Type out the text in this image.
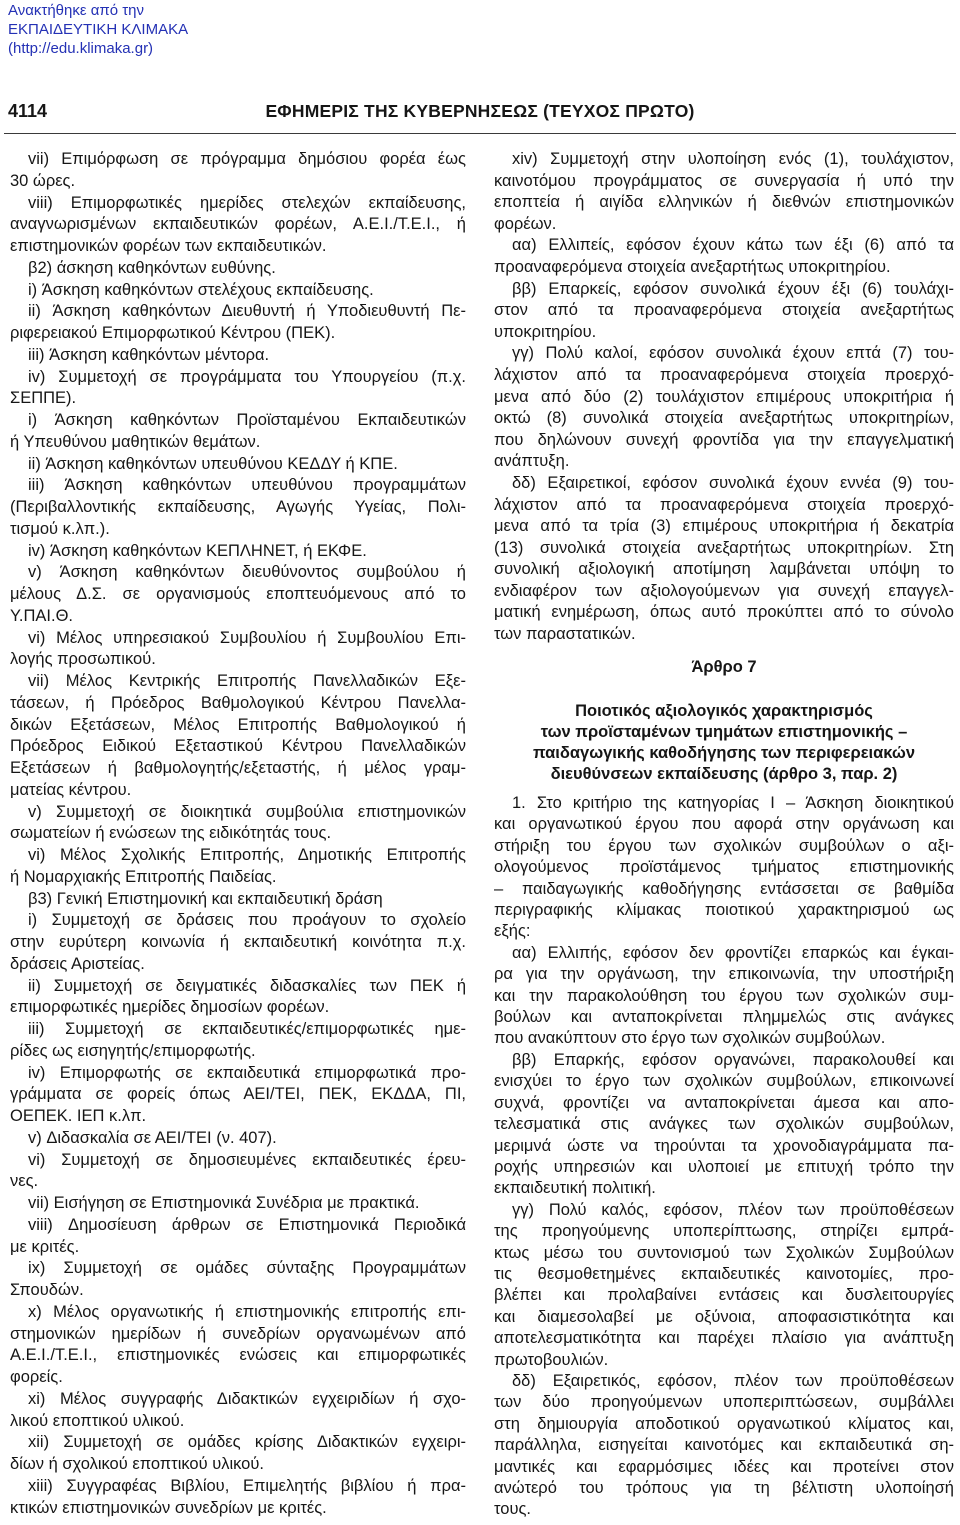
Ανακτήθηκε από την
ΕΚΠΑΙΔΕΥΤΙΚΗ ΚΛΙΜΑΚΑ
(http://edu.klimaka.gr)
4114	ΕΦΗΜΕΡΙΣ ΤΗΣ ΚΥΒΕΡΝΗΣΕΩΣ (ΤΕΥΧΟΣ ΠΡΩΤΟ)
vii) Επιμόρφωση σε πρόγραμμα δημόσιου φορέα έως
30 ώρες.
viii) Επιμορφωτικές ημερίδες στελεχών εκπαίδευσης,
αναγνωρισμένων εκπαιδευτικών φορέων, Α.Ε.Ι./Τ.Ε.Ι., ή
επιστημονικών φορέων των εκπαιδευτικών.
β2) άσκηση καθηκόντων ευθύνης.
i) Άσκηση καθηκόντων στελέχους εκπαίδευσης.
ii) Άσκηση καθηκόντων Διευθυντή ή Υποδιευθυντή Πε-
ριφερειακού Επιμορφωτικού Κέντρου (ΠΕΚ).
iii) Άσκηση καθηκόντων μέντορα.
iv) Συμμετοχή σε προγράμματα του Υπουργείου (π.χ.
ΣΕΠΠΕ).
i) Άσκηση καθηκόντων Προϊσταμένου Εκπαιδευτικών
ή Υπευθύνου μαθητικών θεμάτων.
ii) Άσκηση καθηκόντων υπευθύνου ΚΕΔΔΥ ή ΚΠΕ.
iii) Άσκηση καθηκόντων υπευθύνου προγραμμάτων
(Περιβαλλοντικής εκπαίδευσης, Αγωγής Υγείας, Πολι-
τισμού κ.λπ.).
iv) Άσκηση καθηκόντων ΚΕΠΛΗΝΕΤ, ή ΕΚΦΕ.
v) Άσκηση καθηκόντων διευθύνοντος συμβούλου ή
μέλους Δ.Σ. σε οργανισμούς εποπτευόμενους από το
Υ.ΠΑΙ.Θ.
vi) Μέλος υπηρεσιακού Συμβουλίου ή Συμβουλίου Επι-
λογής προσωπικού.
vii) Μέλος Κεντρικής Επιτροπής Πανελλαδικών Εξε-
τάσεων, ή Πρόεδρος Βαθμολογικού Κέντρου Πανελλα-
δικών Εξετάσεων, Μέλος Επιτροπής Βαθμολογικού ή
Πρόεδρος Ειδικού Εξεταστικού Κέντρου Πανελλαδικών
Εξετάσεων ή βαθμολογητής/εξεταστής, ή μέλος γραμ-
ματείας κέντρου.
v) Συμμετοχή σε διοικητικά συμβούλια επιστημονικών
σωματείων ή ενώσεων της ειδικότητάς τους.
vi) Μέλος Σχολικής Επιτροπής, Δημοτικής Επιτροπής
ή Νομαρχιακής Επιτροπής Παιδείας.
β3) Γενική Επιστημονική και εκπαιδευτική δράση
i) Συμμετοχή σε δράσεις που προάγουν το σχολείο
στην ευρύτερη κοινωνία ή εκπαιδευτική κοινότητα π.χ.
δράσεις Αριστείας.
ii) Συμμετοχή σε δειγματικές διδασκαλίες των ΠΕΚ ή
επιμορφωτικές ημερίδες δημοσίων φορέων.
iii) Συμμετοχή σε εκπαιδευτικές/επιμορφωτικές ημε-
ρίδες ως εισηγητής/επιμορφωτής.
iv) Επιμορφωτής σε εκπαιδευτικά επιμορφωτικά προ-
γράμματα σε φορείς όπως ΑΕΙ/ΤΕΙ, ΠΕΚ, ΕΚΔΔΑ, ΠΙ,
ΟΕΠΕΚ. ΙΕΠ κ.λπ.
v) Διδασκαλία σε ΑΕΙ/ΤΕΙ (ν. 407).
vi) Συμμετοχή σε δημοσιευμένες εκπαιδευτικές έρευ-
νες.
vii) Εισήγηση σε Επιστημονικά Συνέδρια με πρακτικά.
viii) Δημοσίευση άρθρων σε Επιστημονικά Περιοδικά
με κριτές.
ix) Συμμετοχή σε ομάδες σύνταξης Προγραμμάτων
Σπουδών.
x) Μέλος οργανωτικής ή επιστημονικής επιτροπής επι-
στημονικών ημερίδων ή συνεδρίων οργανωμένων από
Α.Ε.Ι./Τ.Ε.Ι., επιστημονικές ενώσεις και επιμορφωτικές
φορείς.
xi) Μέλος συγγραφής Διδακτικών εγχειριδίων ή σχο-
λικού εποπτικού υλικού.
xii) Συμμετοχή σε ομάδες κρίσης Διδακτικών εγχειρι-
δίων ή σχολικού εποπτικού υλικού.
xiii) Συγγραφέας Βιβλίου, Επιμελητής βιβλίου ή πρα-
κτικών επιστημονικών συνεδρίων με κριτές.
xiv) Συμμετοχή στην υλοποίηση ενός (1), τουλάχιστον,
καινοτόμου προγράμματος σε συνεργασία ή υπό την
εποπτεία ή αιγίδα ελληνικών ή διεθνών επιστημονικών
φορέων.
αα) Ελλιπείς, εφόσον έχουν κάτω των έξι (6) από τα
προαναφερόμενα στοιχεία ανεξαρτήτως υποκριτηρίου.
ββ) Επαρκείς, εφόσον συνολικά έχουν έξι (6) τουλάχι-
στον από τα προαναφερόμενα στοιχεία ανεξαρτήτως
υποκριτηρίου.
γγ) Πολύ καλοί, εφόσον συνολικά έχουν επτά (7) του-
λάχιστον από τα προαναφερόμενα στοιχεία προερχό-
μενα από δύο (2) τουλάχιστον επιμέρους υποκριτήρια ή
οκτώ (8) συνολικά στοιχεία ανεξαρτήτως υποκριτηρίων,
που δηλώνουν συνεχή φροντίδα για την επαγγελματική
ανάπτυξη.
δδ) Εξαιρετικοί, εφόσον συνολικά έχουν εννέα (9) του-
λάχιστον από τα προαναφερόμενα στοιχεία προερχό-
μενα από τα τρία (3) επιμέρους υποκριτήρια ή δεκατρία
(13) συνολικά στοιχεία ανεξαρτήτως υποκριτηρίων. Στη
συνολική αξιολογική αποτίμηση λαμβάνεται υπόψη το
ενδιαφέρον των αξιολογούμενων για συνεχή επαγγελ-
ματική ενημέρωση, όπως αυτό προκύπτει από το σύνολο
των παραστατικών.
Άρθρο 7
Ποιοτικός αξιολογικός χαρακτηρισμός
των προϊσταμένων τμημάτων επιστημονικής –
παιδαγωγικής καθοδήγησης των περιφερειακών
διευθύνσεων εκπαίδευσης (άρθρο 3, παρ. 2)
1. Στο κριτήριο της κατηγορίας Ι – Άσκηση διοικητικού
και οργανωτικού έργου που αφορά στην οργάνωση και
στήριξη του έργου των σχολικών συμβούλων ο αξι-
ολογούμενος προϊστάμενος τμήματος επιστημονικής
– παιδαγωγικής καθοδήγησης εντάσσεται σε βαθμίδα
περιγραφικής κλίμακας ποιοτικού χαρακτηρισμού ως
εξής:
αα) Ελλιπής, εφόσον δεν φροντίζει επαρκώς και έγκαι-
ρα για την οργάνωση, την επικοινωνία, την υποστήριξη
και την παρακολούθηση του έργου των σχολικών συμ-
βούλων και ανταποκρίνεται πλημμελώς στις ανάγκες
που ανακύπτουν στο έργο των σχολικών συμβούλων.
ββ) Επαρκής, εφόσον οργανώνει, παρακολουθεί και
ενισχύει το έργο των σχολικών συμβούλων, επικοινωνεί
συχνά, φροντίζει να ανταποκρίνεται άμεσα και απο-
τελεσματικά στις ανάγκες των σχολικών συμβούλων,
μεριμνά ώστε να τηρούνται τα χρονοδιαγράμματα πα-
ροχής υπηρεσιών και υλοποιεί με επιτυχή τρόπο την
εκπαιδευτική πολιτική.
γγ) Πολύ καλός, εφόσον, πλέον των προϋποθέσεων
της προηγούμενης υποπερίπτωσης, στηρίζει εμπρά-
κτως μέσω του συντονισμού των Σχολικών Συμβούλων
τις θεσμοθετημένες εκπαιδευτικές καινοτομίες, προ-
βλέπει και προλαβαίνει εντάσεις και δυσλειτουργίες
και διαμεσολαβεί με οξύνοια, αποφασιστικότητα και
αποτελεσματικότητα και παρέχει πλαίσιο για ανάπτυξη
πρωτοβουλιών.
δδ) Εξαιρετικός, εφόσον, πλέον των προϋποθέσεων
των δύο προηγούμενων υποπεριπτώσεων, συμβάλλει
στη δημιουργία αποδοτικού οργανωτικού κλίματος και,
παράλληλα, εισηγείται καινοτόμες και εκπαιδευτικά ση-
μαντικές και εφαρμόσιμες ιδέες και προτείνει στον
ανώτερό του τρόπους για τη βέλτιστη υλοποίησή
τους.
